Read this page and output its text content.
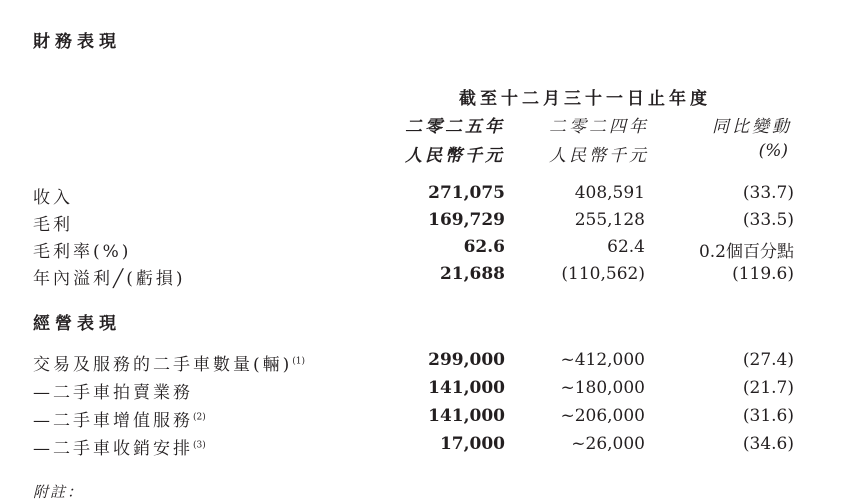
財務表現
截至十二月三十一日止年度
二零二五年	二零二四年	同比變動
人民幣千元	人民幣千元	(%)
收入	271,075	408,591	(33.7)
毛利	169,729	255,128	(33.5)
毛利率(%)	62.6	62.4	0.2個百分點
年內溢利╱(虧損)	21,688	(110,562)	(119.6)
經營表現
交易及服務的二手車數量(輛)$^{(1)}$	299,000	~412,000	(27.4)
—二手車拍賣業務	141,000	~180,000	(21.7)
—二手車增值服務$^{(2)}$	141,000	~206,000	(31.6)
—二手車收銷安排$^{(3)}$	17,000	~26,000	(34.6)
附註：
